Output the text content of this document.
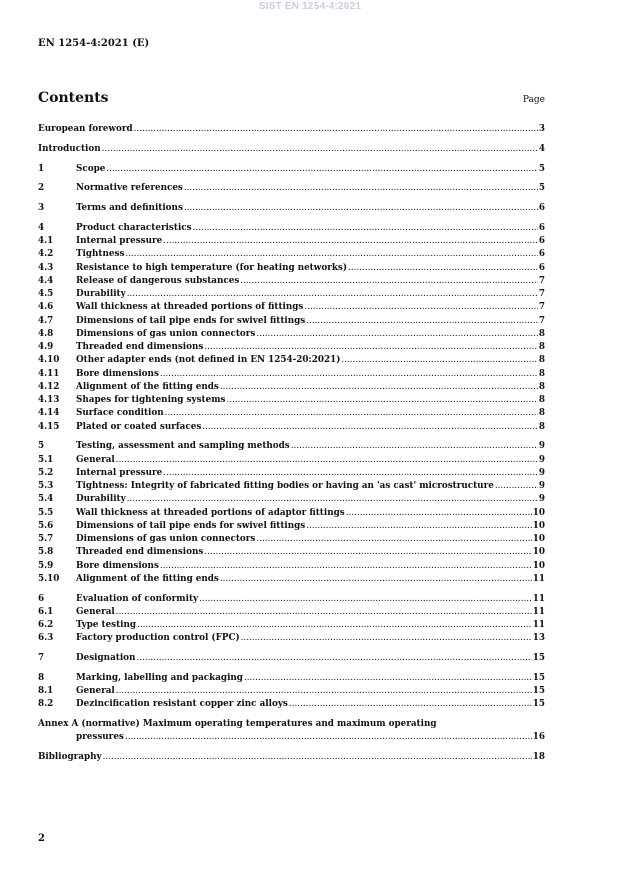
SIST EN 1254-4:2021
EN 1254-4:2021 (E)
Contents	Page
European foreword .....	3
Introduction .....	4
1	Scope .....	5
2	Normative references .....	5
3	Terms and definitions .....	6
4	Product characteristics .....	6
4.1	Internal pressure .....	6
4.2	Tightness .....	6
4.3	Resistance to high temperature (for heating networks) .....	6
4.4	Release of dangerous substances .....	7
4.5	Durability .....	7
4.6	Wall thickness at threaded portions of fittings .....	7
4.7	Dimensions of tail pipe ends for swivel fittings .....	7
4.8	Dimensions of gas union connectors .....	8
4.9	Threaded end dimensions .....	8
4.10	Other adapter ends (not defined in EN 1254-20:2021) .....	8
4.11	Bore dimensions .....	8
4.12	Alignment of the fitting ends .....	8
4.13	Shapes for tightening systems .....	8
4.14	Surface condition .....	8
4.15	Plated or coated surfaces .....	8
5	Testing, assessment and sampling methods .....	9
5.1	General .....	9
5.2	Internal pressure .....	9
5.3	Tightness: Integrity of fabricated fitting bodies or having an 'as cast' microstructure .....	9
5.4	Durability .....	9
5.5	Wall thickness at threaded portions of adaptor fittings .....	10
5.6	Dimensions of tail pipe ends for swivel fittings .....	10
5.7	Dimensions of gas union connectors .....	10
5.8	Threaded end dimensions .....	10
5.9	Bore dimensions .....	10
5.10	Alignment of the fitting ends .....	11
6	Evaluation of conformity .....	11
6.1	General .....	11
6.2	Type testing .....	11
6.3	Factory production control (FPC) .....	13
7	Designation .....	15
8	Marking, labelling and packaging .....	15
8.1	General .....	15
8.2	Dezincification resistant copper zinc alloys .....	15
Annex A (normative) Maximum operating temperatures and maximum operating
pressures .....	16
Bibliography .....	18
2
